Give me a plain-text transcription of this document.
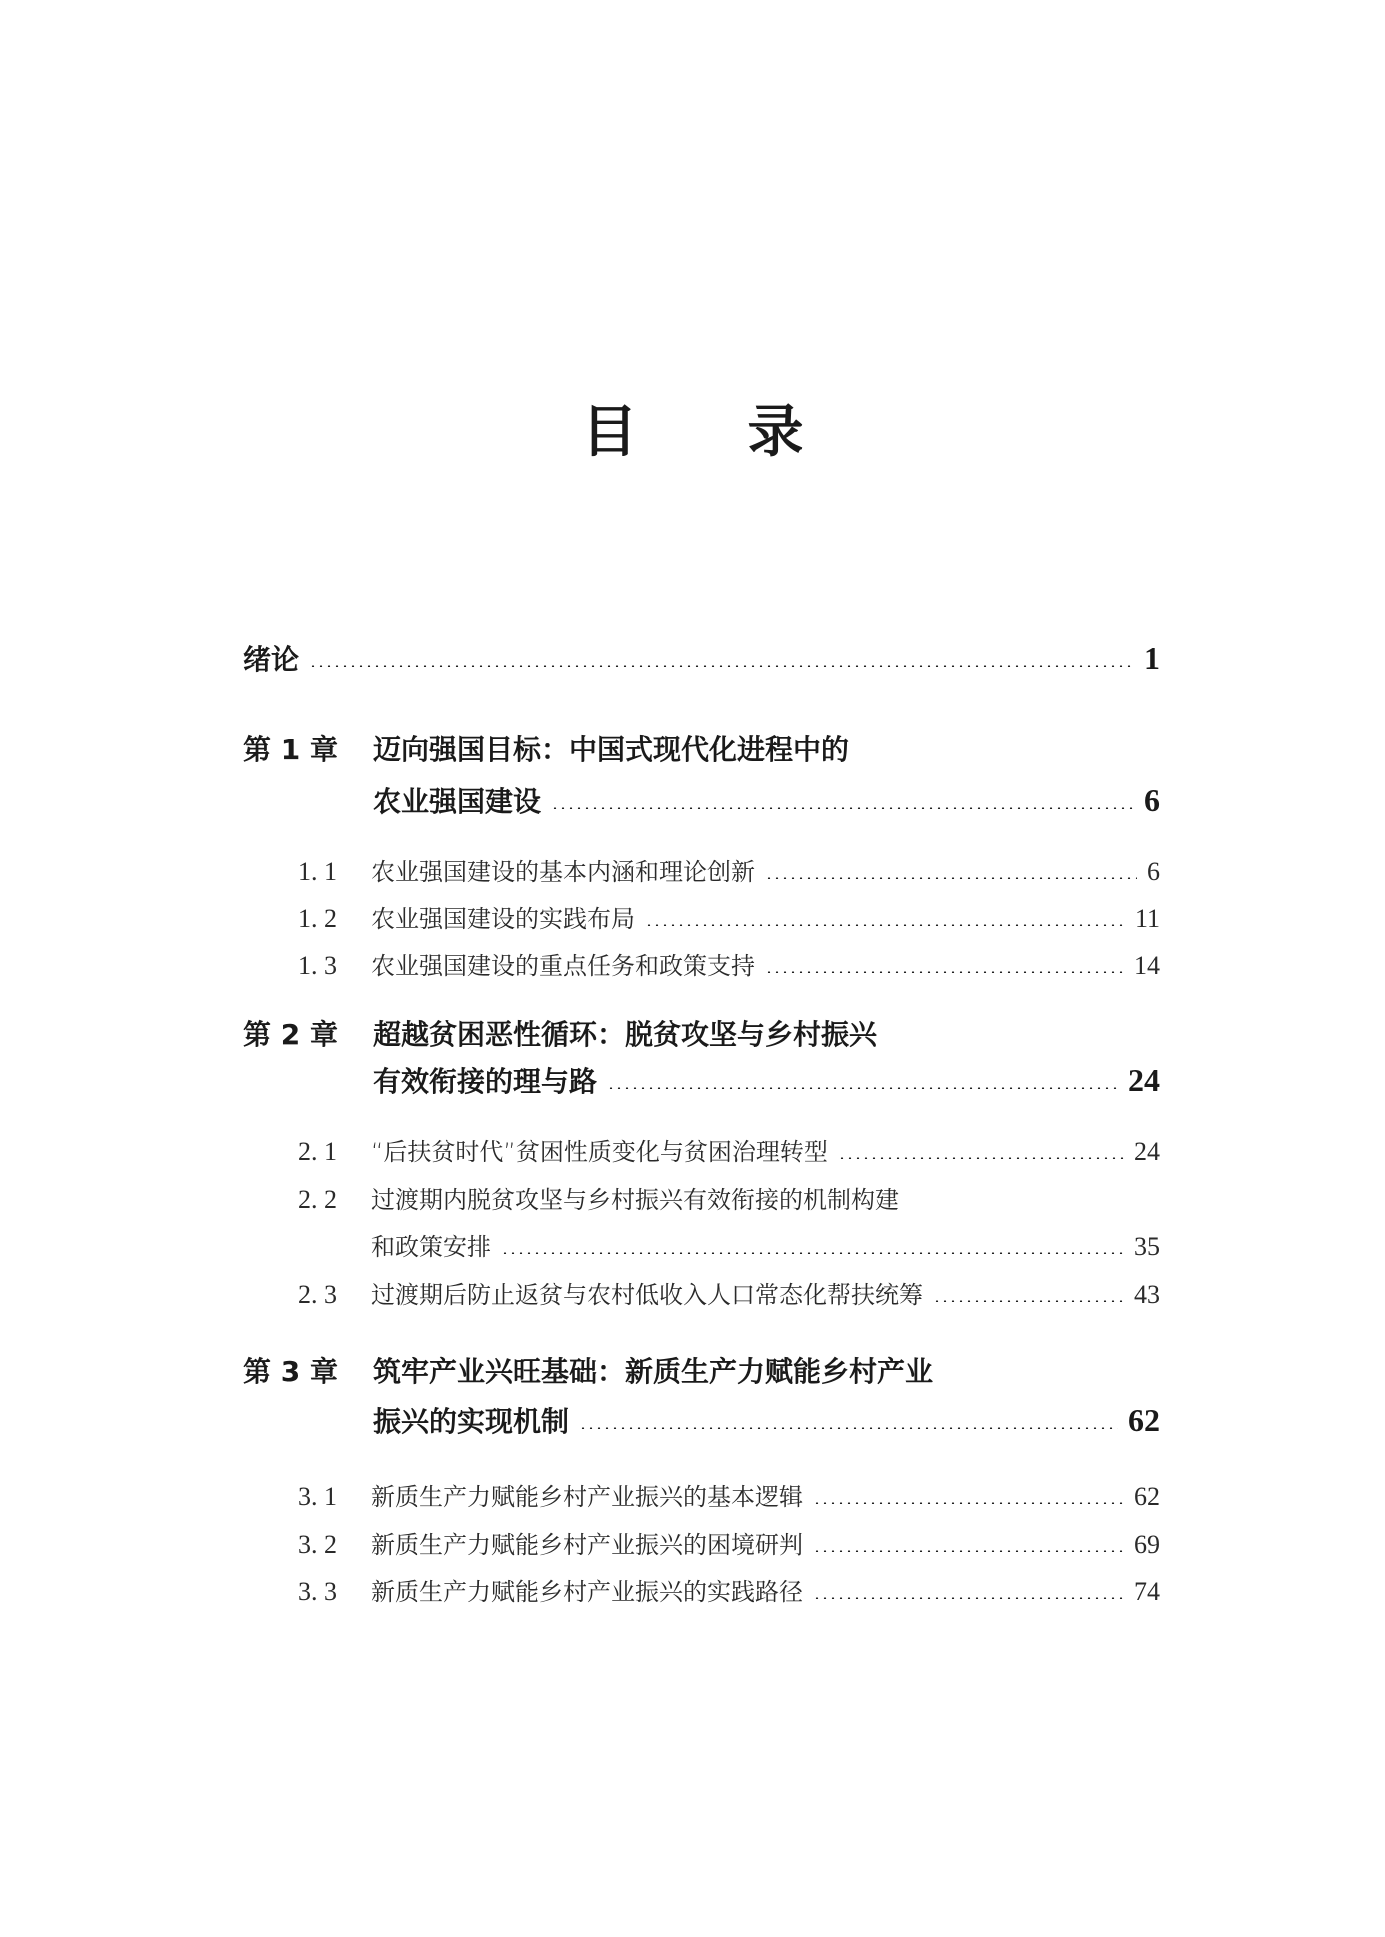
目 录
绪论	1
第 1 章	迈向强国目标：中国式现代化进程中的
农业强国建设	6
1. 1	农业强国建设的基本内涵和理论创新	6
1. 2	农业强国建设的实践布局	11
1. 3	农业强国建设的重点任务和政策支持	14
第 2 章	超越贫困恶性循环：脱贫攻坚与乡村振兴
有效衔接的理与路	24
2. 1	“后扶贫时代”贫困性质变化与贫困治理转型	24
2. 2	过渡期内脱贫攻坚与乡村振兴有效衔接的机制构建
和政策安排	35
2. 3	过渡期后防止返贫与农村低收入人口常态化帮扶统筹	43
第 3 章	筑牢产业兴旺基础：新质生产力赋能乡村产业
振兴的实现机制	62
3. 1	新质生产力赋能乡村产业振兴的基本逻辑	62
3. 2	新质生产力赋能乡村产业振兴的困境研判	69
3. 3	新质生产力赋能乡村产业振兴的实践路径	74
